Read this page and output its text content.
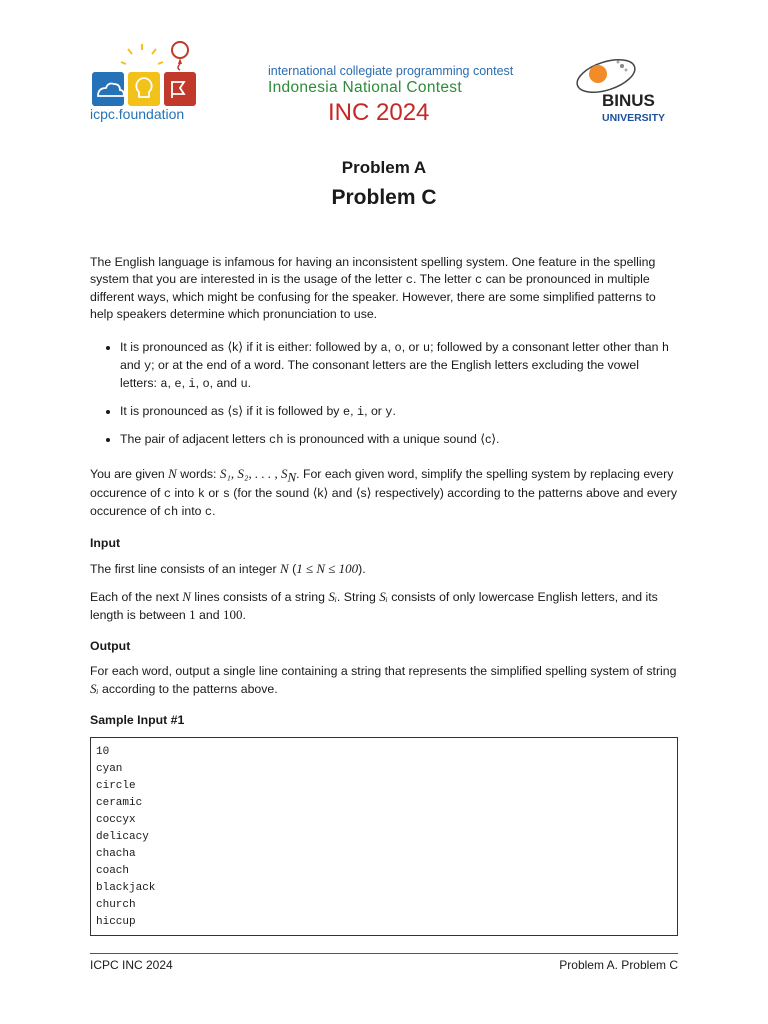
icpc.foundation
international collegiate programming contest
Indonesia National Contest
INC 2024	BINUS
UNIVERSITY
Problem A
Problem C

The English language is infamous for having an inconsistent spelling system. One feature in the spelling system that you are interested in is the usage of the letter c. The letter c can be pronounced in multiple different ways, which might be confusing for the speaker. However, there are some simplified patterns to help speakers determine which pronunciation to use.

• It is pronounced as ⟨k⟩ if it is either: followed by a, o, or u; followed by a consonant letter other than h and y; or at the end of a word. The consonant letters are the English letters excluding the vowel letters: a, e, i, o, and u.
• It is pronounced as ⟨s⟩ if it is followed by e, i, or y.
• The pair of adjacent letters ch is pronounced with a unique sound ⟨c⟩.

You are given N words: S₁, S₂, . . . , $S_N$. For each given word, simplify the spelling system by replacing every occurence of c into k or s (for the sound ⟨k⟩ and ⟨s⟩ respectively) according to the patterns above and every occurence of ch into c.

Input

The first line consists of an integer N (1 ≤ N ≤ 100).

Each of the next N lines consists of a string Sᵢ. String Sᵢ consists of only lowercase English letters, and its length is between 1 and 100.

Output

For each word, output a single line containing a string that represents the simplified spelling system of string Sᵢ according to the patterns above.

Sample Input #1
10
cyan
circle
ceramic
coccyx
delicacy
chacha
coach
blackjack
church
hiccup
ICPC INC 2024	Problem A. Problem C
